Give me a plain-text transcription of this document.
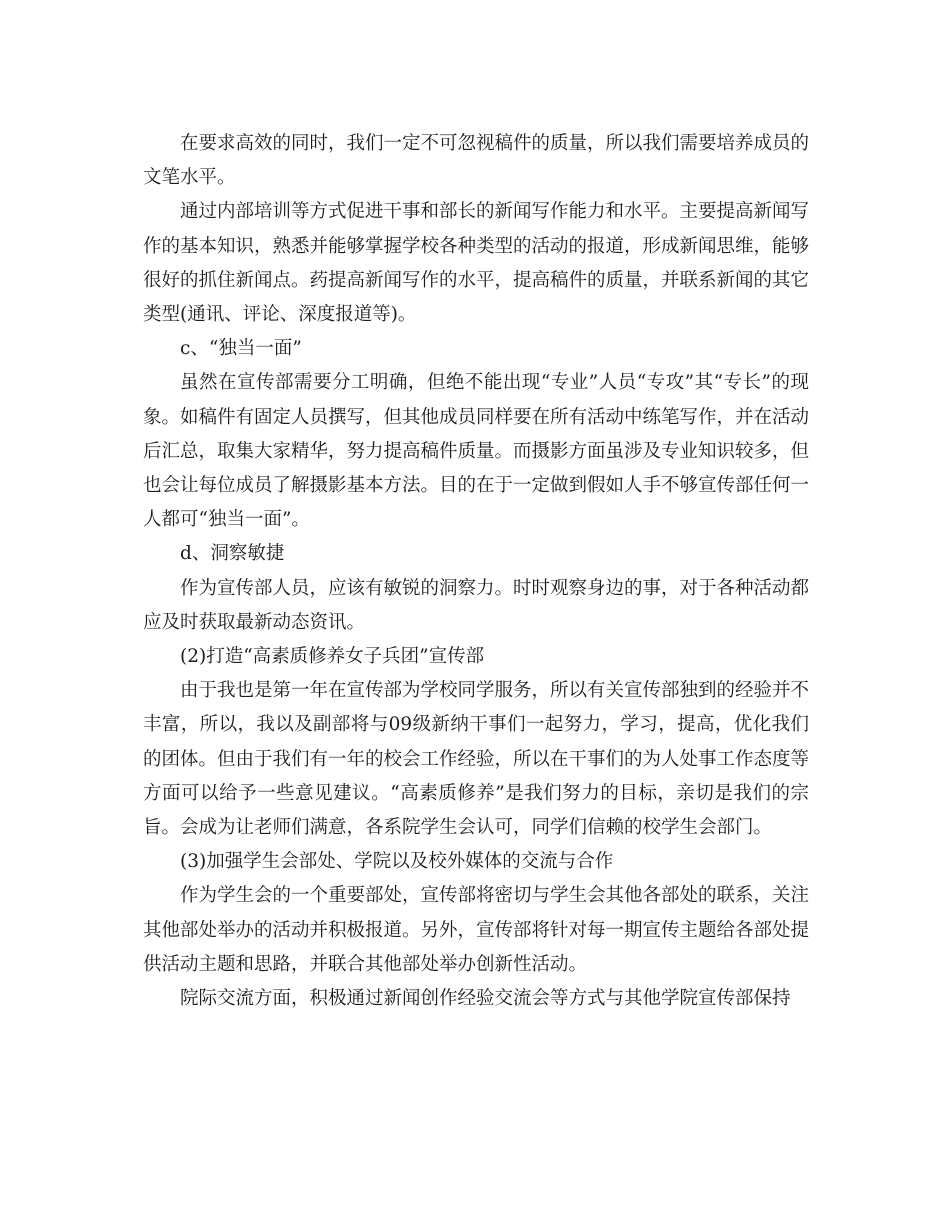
在要求高效的同时，我们一定不可忽视稿件的质量，所以我们需要培养成员的文笔水平。

通过内部培训等方式促进干事和部长的新闻写作能力和水平。主要提高新闻写作的基本知识，熟悉并能够掌握学校各种类型的活动的报道，形成新闻思维，能够很好的抓住新闻点。药提高新闻写作的水平，提高稿件的质量，并联系新闻的其它类型(通讯、评论、深度报道等)。

c、“独当一面”

虽然在宣传部需要分工明确，但绝不能出现“专业”人员“专攻”其“专长”的现象。如稿件有固定人员撰写，但其他成员同样要在所有活动中练笔写作，并在活动后汇总，取集大家精华，努力提高稿件质量。而摄影方面虽涉及专业知识较多，但也会让每位成员了解摄影基本方法。目的在于一定做到假如人手不够宣传部任何一人都可“独当一面”。

d、洞察敏捷

作为宣传部人员，应该有敏锐的洞察力。时时观察身边的事，对于各种活动都应及时获取最新动态资讯。

(2)打造“高素质修养女子兵团”宣传部

由于我也是第一年在宣传部为学校同学服务，所以有关宣传部独到的经验并不丰富，所以，我以及副部将与09级新纳干事们一起努力，学习，提高，优化我们的团体。但由于我们有一年的校会工作经验，所以在干事们的为人处事工作态度等方面可以给予一些意见建议。“高素质修养”是我们努力的目标，亲切是我们的宗旨。会成为让老师们满意，各系院学生会认可，同学们信赖的校学生会部门。

(3)加强学生会部处、学院以及校外媒体的交流与合作

作为学生会的一个重要部处，宣传部将密切与学生会其他各部处的联系，关注其他部处举办的活动并积极报道。另外，宣传部将针对每一期宣传主题给各部处提供活动主题和思路，并联合其他部处举办创新性活动。

院际交流方面，积极通过新闻创作经验交流会等方式与其他学院宣传部保持
